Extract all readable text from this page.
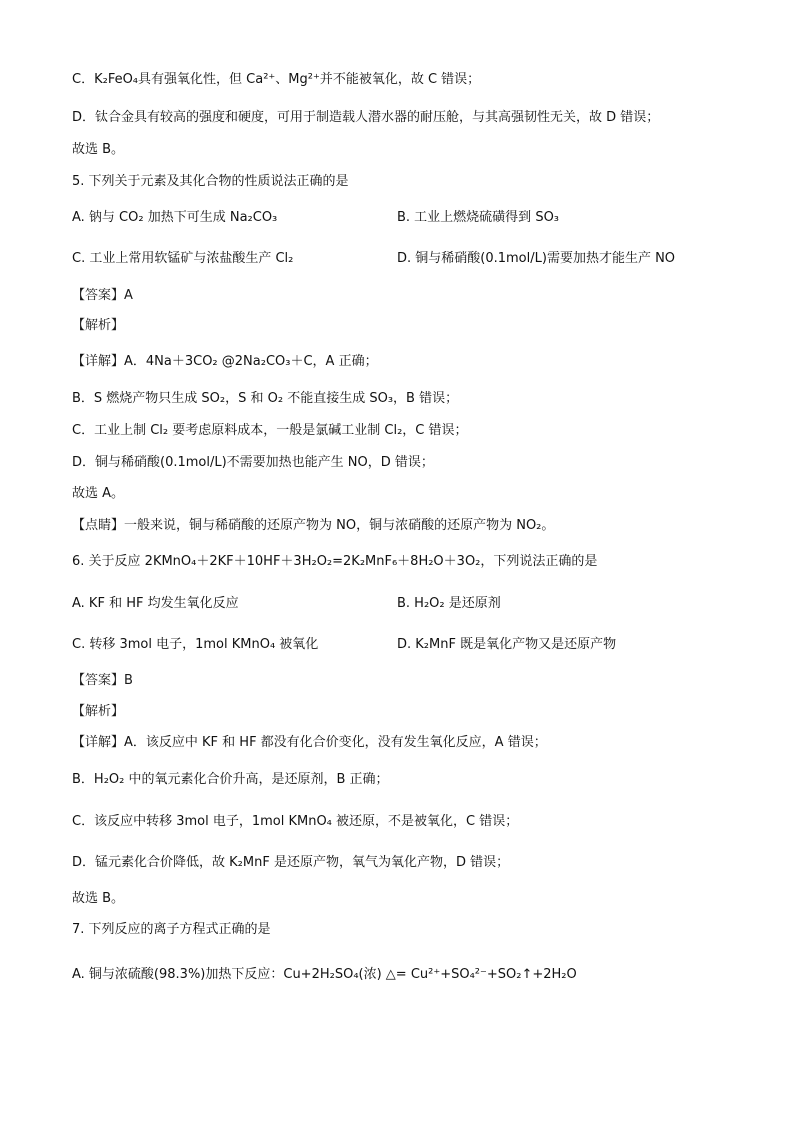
C．K₂FeO₄具有强氧化性，但 Ca²⁺、Mg²⁺并不能被氧化，故 C 错误；
D．钛合金具有较高的强度和硬度，可用于制造载人潜水器的耐压舱，与其高强韧性无关，故 D 错误；
故选 B。
5. 下列关于元素及其化合物的性质说法正确的是
A. 钠与 CO₂ 加热下可生成 Na₂CO₃	B. 工业上燃烧硫磺得到 SO₃
C. 工业上常用软锰矿与浓盐酸生产 Cl₂	D. 铜与稀硝酸(0.1mol/L)需要加热才能生产 NO
【答案】A
【解析】
【详解】A．4Na＋3CO₂ @2Na₂CO₃＋C，A 正确；
B．S 燃烧产物只生成 SO₂，S 和 O₂ 不能直接生成 SO₃，B 错误；
C．工业上制 Cl₂ 要考虑原料成本，一般是氯碱工业制 Cl₂，C 错误；
D．铜与稀硝酸(0.1mol/L)不需要加热也能产生 NO，D 错误；
故选 A。
【点睛】一般来说，铜与稀硝酸的还原产物为 NO，铜与浓硝酸的还原产物为 NO₂。
6. 关于反应 2KMnO₄＋2KF＋10HF＋3H₂O₂=2K₂MnF₆＋8H₂O＋3O₂，下列说法正确的是
A. KF 和 HF 均发生氧化反应	B. H₂O₂ 是还原剂
C. 转移 3mol 电子，1mol KMnO₄ 被氧化	D. K₂MnF 既是氧化产物又是还原产物
【答案】B
【解析】
【详解】A．该反应中 KF 和 HF 都没有化合价变化，没有发生氧化反应，A 错误；
B．H₂O₂ 中的氧元素化合价升高，是还原剂，B 正确；
C．该反应中转移 3mol 电子，1mol KMnO₄ 被还原，不是被氧化，C 错误；
D．锰元素化合价降低，故 K₂MnF 是还原产物，氧气为氧化产物，D 错误；
故选 B。
7. 下列反应的离子方程式正确的是
A. 铜与浓硫酸(98.3%)加热下反应：Cu+2H₂SO₄(浓) △= Cu²⁺+SO₄²⁻+SO₂↑+2H₂O
